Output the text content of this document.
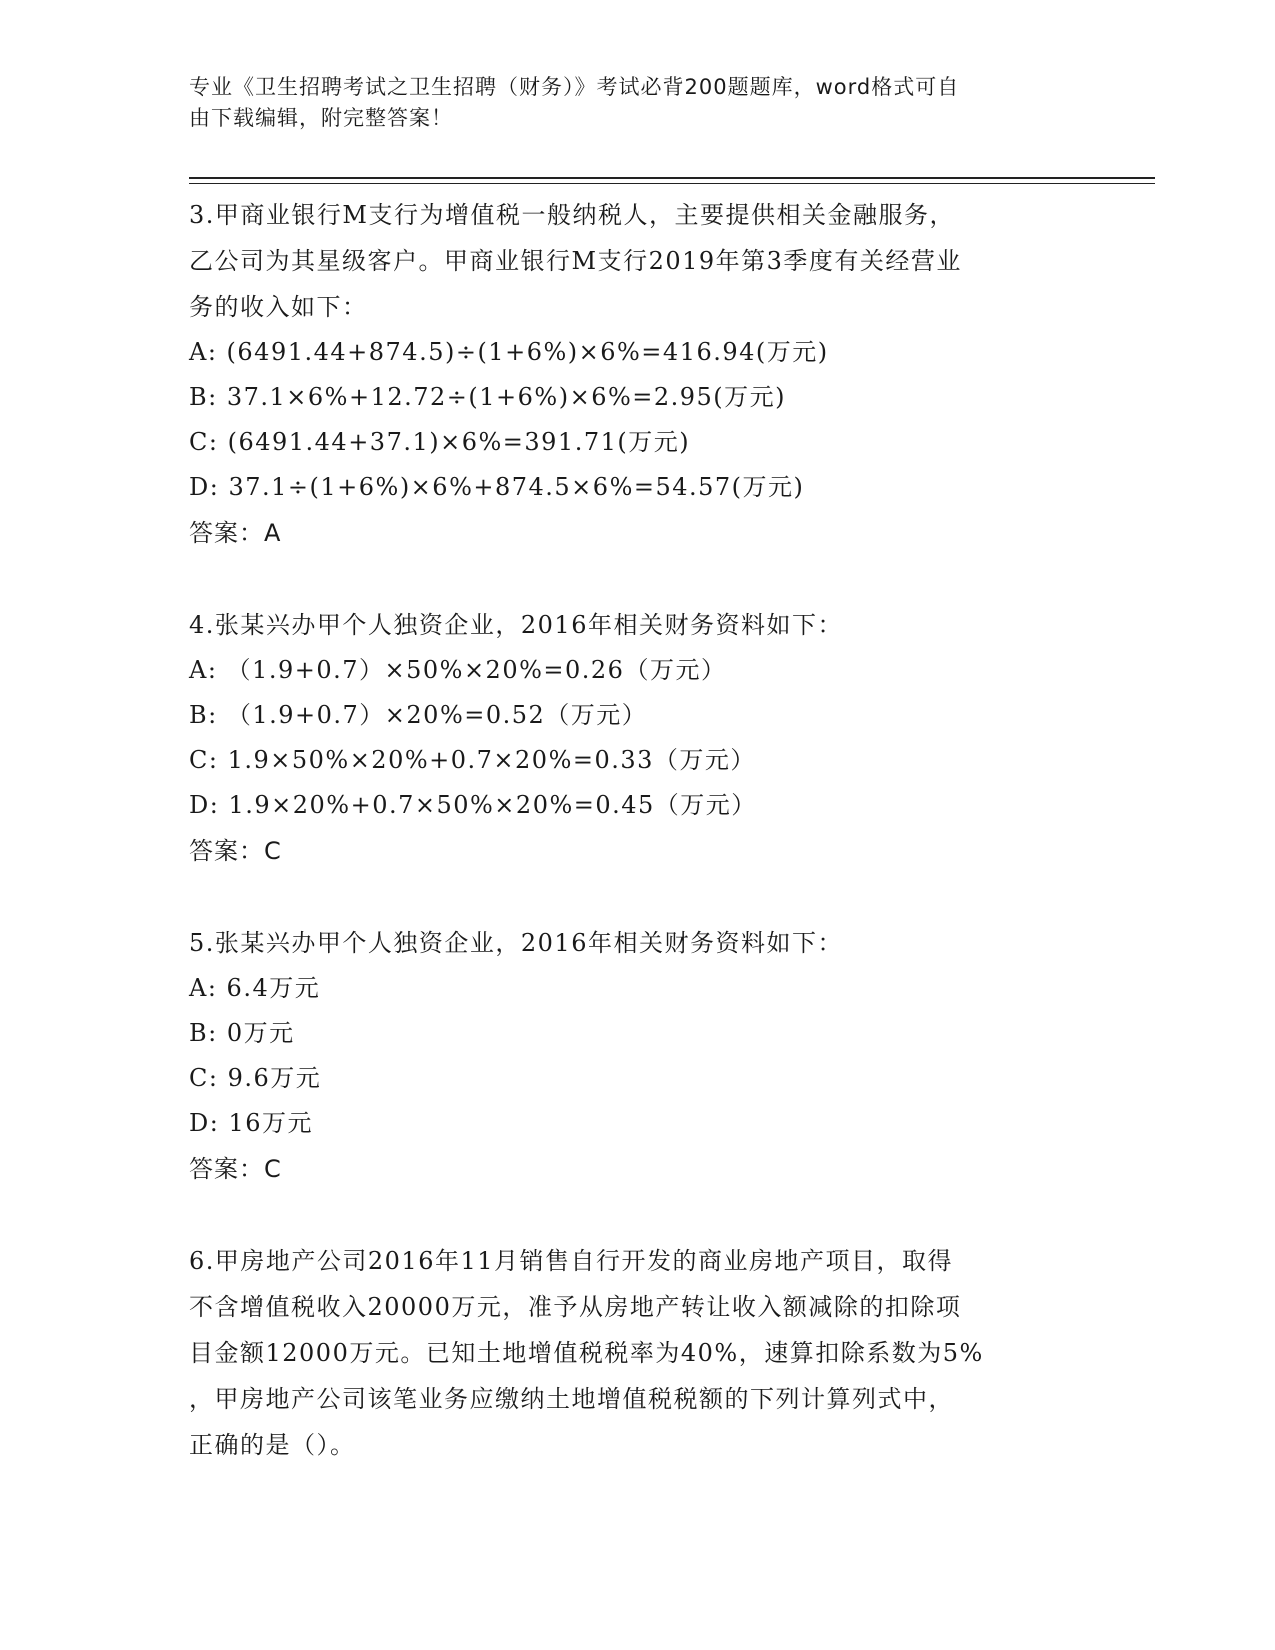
专业《卫生招聘考试之卫生招聘（财务）》考试必背200题题库，word格式可自
由下载编辑，附完整答案！
3.甲商业银行M支行为增值税一般纳税人，主要提供相关金融服务，
乙公司为其星级客户。甲商业银行M支行2019年第3季度有关经营业
务的收入如下：
A: (6491.44+874.5)÷(1+6%)×6%=416.94(万元)
B: 37.1×6%+12.72÷(1+6%)×6%=2.95(万元)
C: (6491.44+37.1)×6%=391.71(万元)
D: 37.1÷(1+6%)×6%+874.5×6%=54.57(万元)
答案：A
4.张某兴办甲个人独资企业，2016年相关财务资料如下：
A: （1.9+0.7）×50%×20%=0.26（万元）
B: （1.9+0.7）×20%=0.52（万元）
C: 1.9×50%×20%+0.7×20%=0.33（万元）
D: 1.9×20%+0.7×50%×20%=0.45（万元）
答案：C
5.张某兴办甲个人独资企业，2016年相关财务资料如下：
A: 6.4万元
B: 0万元
C: 9.6万元
D: 16万元
答案：C
6.甲房地产公司2016年11月销售自行开发的商业房地产项目，取得
不含增值税收入20000万元，准予从房地产转让收入额减除的扣除项
目金额12000万元。已知土地增值税税率为40%，速算扣除系数为5%
，甲房地产公司该笔业务应缴纳土地增值税税额的下列计算列式中，
正确的是（）。
